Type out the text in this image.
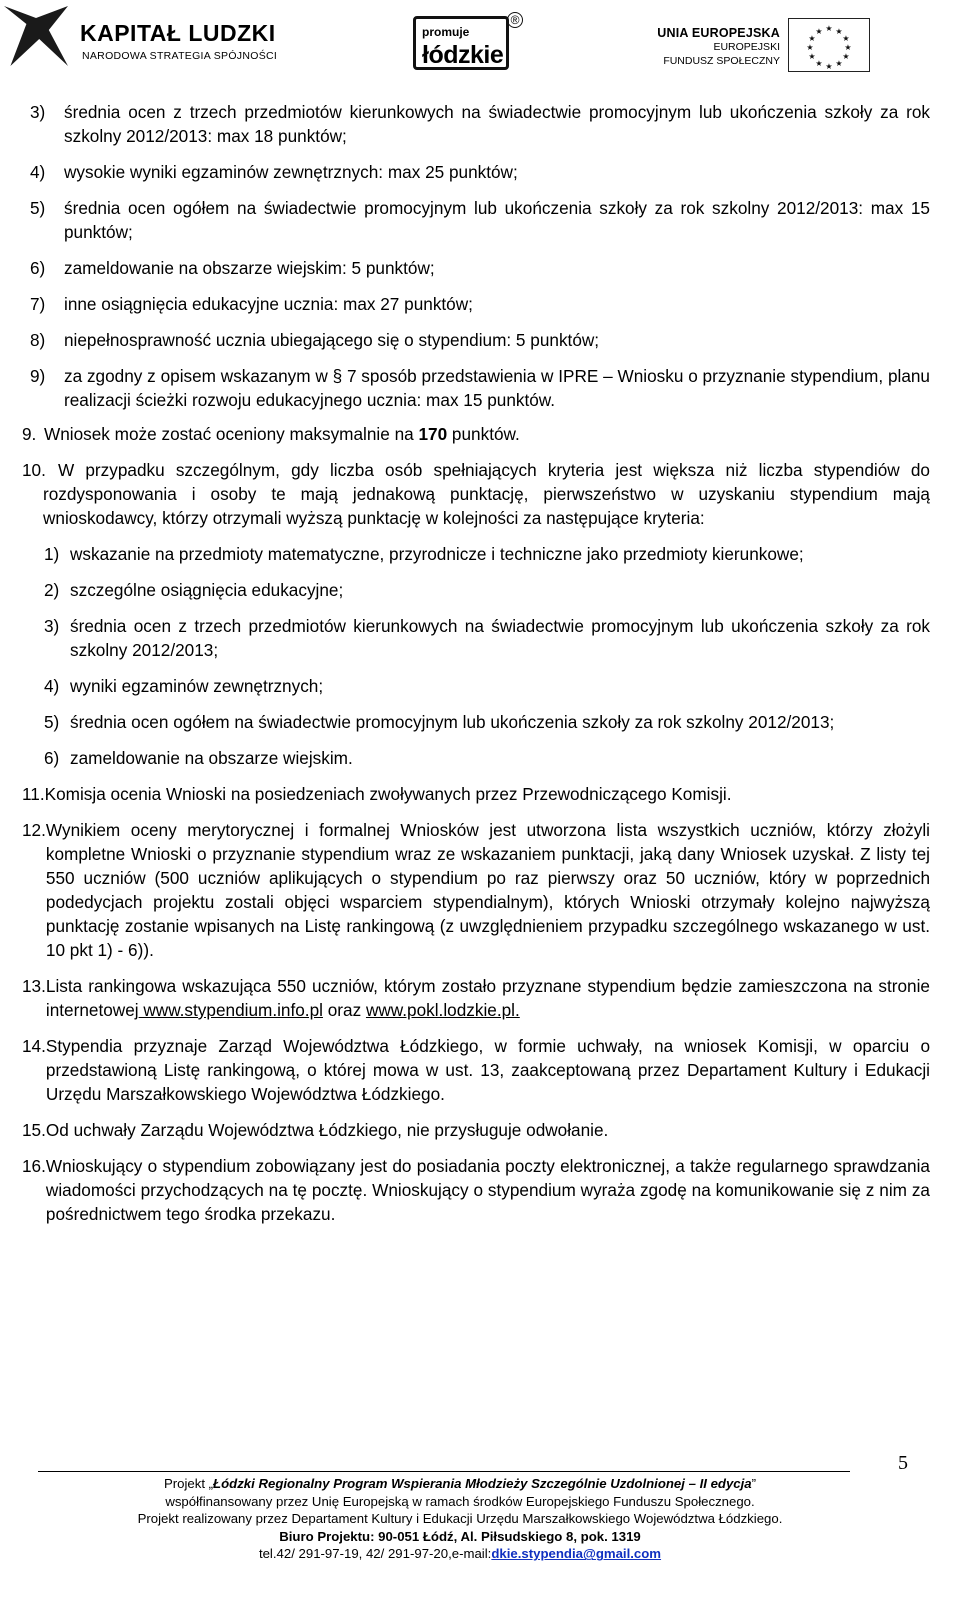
KAPITAŁ LUDZKI
NARODOWA STRATEGIA SPÓJNOŚCI
promuje
łódzkie
®
UNIA EUROPEJSKA
EUROPEJSKI
FUNDUSZ SPOŁECZNY
★ ★
★
★
★
★
★
★
★
★
★
★
3)	średnia ocen z trzech przedmiotów kierunkowych na świadectwie promocyjnym lub ukończenia szkoły za rok szkolny 2012/2013: max 18 punktów;
4)	wysokie wyniki egzaminów zewnętrznych: max 25 punktów;
5)	średnia ocen ogółem na świadectwie promocyjnym lub ukończenia szkoły za rok szkolny 2012/2013: max 15 punktów;
6)	zameldowanie na obszarze wiejskim: 5 punktów;
7)	inne osiągnięcia edukacyjne ucznia: max 27 punktów;
8)	niepełnosprawność ucznia ubiegającego się o stypendium: 5 punktów;
9)	za zgodny z opisem wskazanym w § 7 sposób przedstawienia w IPRE – Wniosku o przyznanie stypendium, planu realizacji ścieżki rozwoju edukacyjnego ucznia: max 15 punktów.
9. Wniosek może zostać oceniony maksymalnie na 170 punktów.
10. W przypadku szczególnym, gdy liczba osób spełniających kryteria jest większa niż liczba stypendiów do rozdysponowania i osoby te mają jednakową punktację, pierwszeństwo w uzyskaniu stypendium mają wnioskodawcy, którzy otrzymali wyższą punktację w kolejności za następujące kryteria:
1) wskazanie na przedmioty matematyczne, przyrodnicze i techniczne jako przedmioty kierunkowe;
2) szczególne osiągnięcia edukacyjne;
3) średnia ocen z trzech przedmiotów kierunkowych na świadectwie promocyjnym lub ukończenia szkoły za rok szkolny 2012/2013;
4) wyniki egzaminów zewnętrznych;
5) średnia ocen ogółem na świadectwie promocyjnym lub ukończenia szkoły za rok szkolny 2012/2013;
6) zameldowanie na obszarze wiejskim.
11. Komisja ocenia Wnioski na posiedzeniach zwoływanych przez Przewodniczącego Komisji.
12. Wynikiem oceny merytorycznej i formalnej Wniosków jest utworzona lista wszystkich uczniów, którzy złożyli kompletne Wnioski o przyznanie stypendium wraz ze wskazaniem punktacji, jaką dany Wniosek uzyskał. Z listy tej 550 uczniów (500 uczniów aplikujących o stypendium po raz pierwszy oraz 50 uczniów, który w poprzednich podedycjach projektu zostali objęci wsparciem stypendialnym), których Wnioski otrzymały kolejno najwyższą punktację zostanie wpisanych na Listę rankingową (z uwzględnieniem przypadku szczególnego wskazanego w ust. 10 pkt 1) - 6)).
13. Lista rankingowa wskazująca 550 uczniów, którym zostało przyznane stypendium będzie zamieszczona na stronie internetowej www.stypendium.info.pl oraz www.pokl.lodzkie.pl.
14. Stypendia przyznaje Zarząd Województwa Łódzkiego, w formie uchwały, na wniosek Komisji, w oparciu o przedstawioną Listę rankingową, o której mowa w ust. 13, zaakceptowaną przez Departament Kultury i Edukacji Urzędu Marszałkowskiego Województwa Łódzkiego.
15. Od uchwały Zarządu Województwa Łódzkiego, nie przysługuje odwołanie.
16. Wnioskujący o stypendium zobowiązany jest do posiadania poczty elektronicznej, a także regularnego sprawdzania wiadomości przychodzących na tę pocztę. Wnioskujący o stypendium wyraża zgodę na komunikowanie się z nim za pośrednictwem tego środka przekazu.
5
Projekt „Łódzki Regionalny Program Wspierania Młodzieży Szczególnie Uzdolnionej – II edycja”
współfinansowany przez Unię Europejską w ramach środków Europejskiego Funduszu Społecznego.
Projekt realizowany przez Departament Kultury i Edukacji Urzędu Marszałkowskiego Województwa Łódzkiego.
Biuro Projektu: 90-051 Łódź, Al. Piłsudskiego 8, pok. 1319
tel.42/ 291-97-19, 42/ 291-97-20,e-mail:dkie.stypendia@gmail.com
